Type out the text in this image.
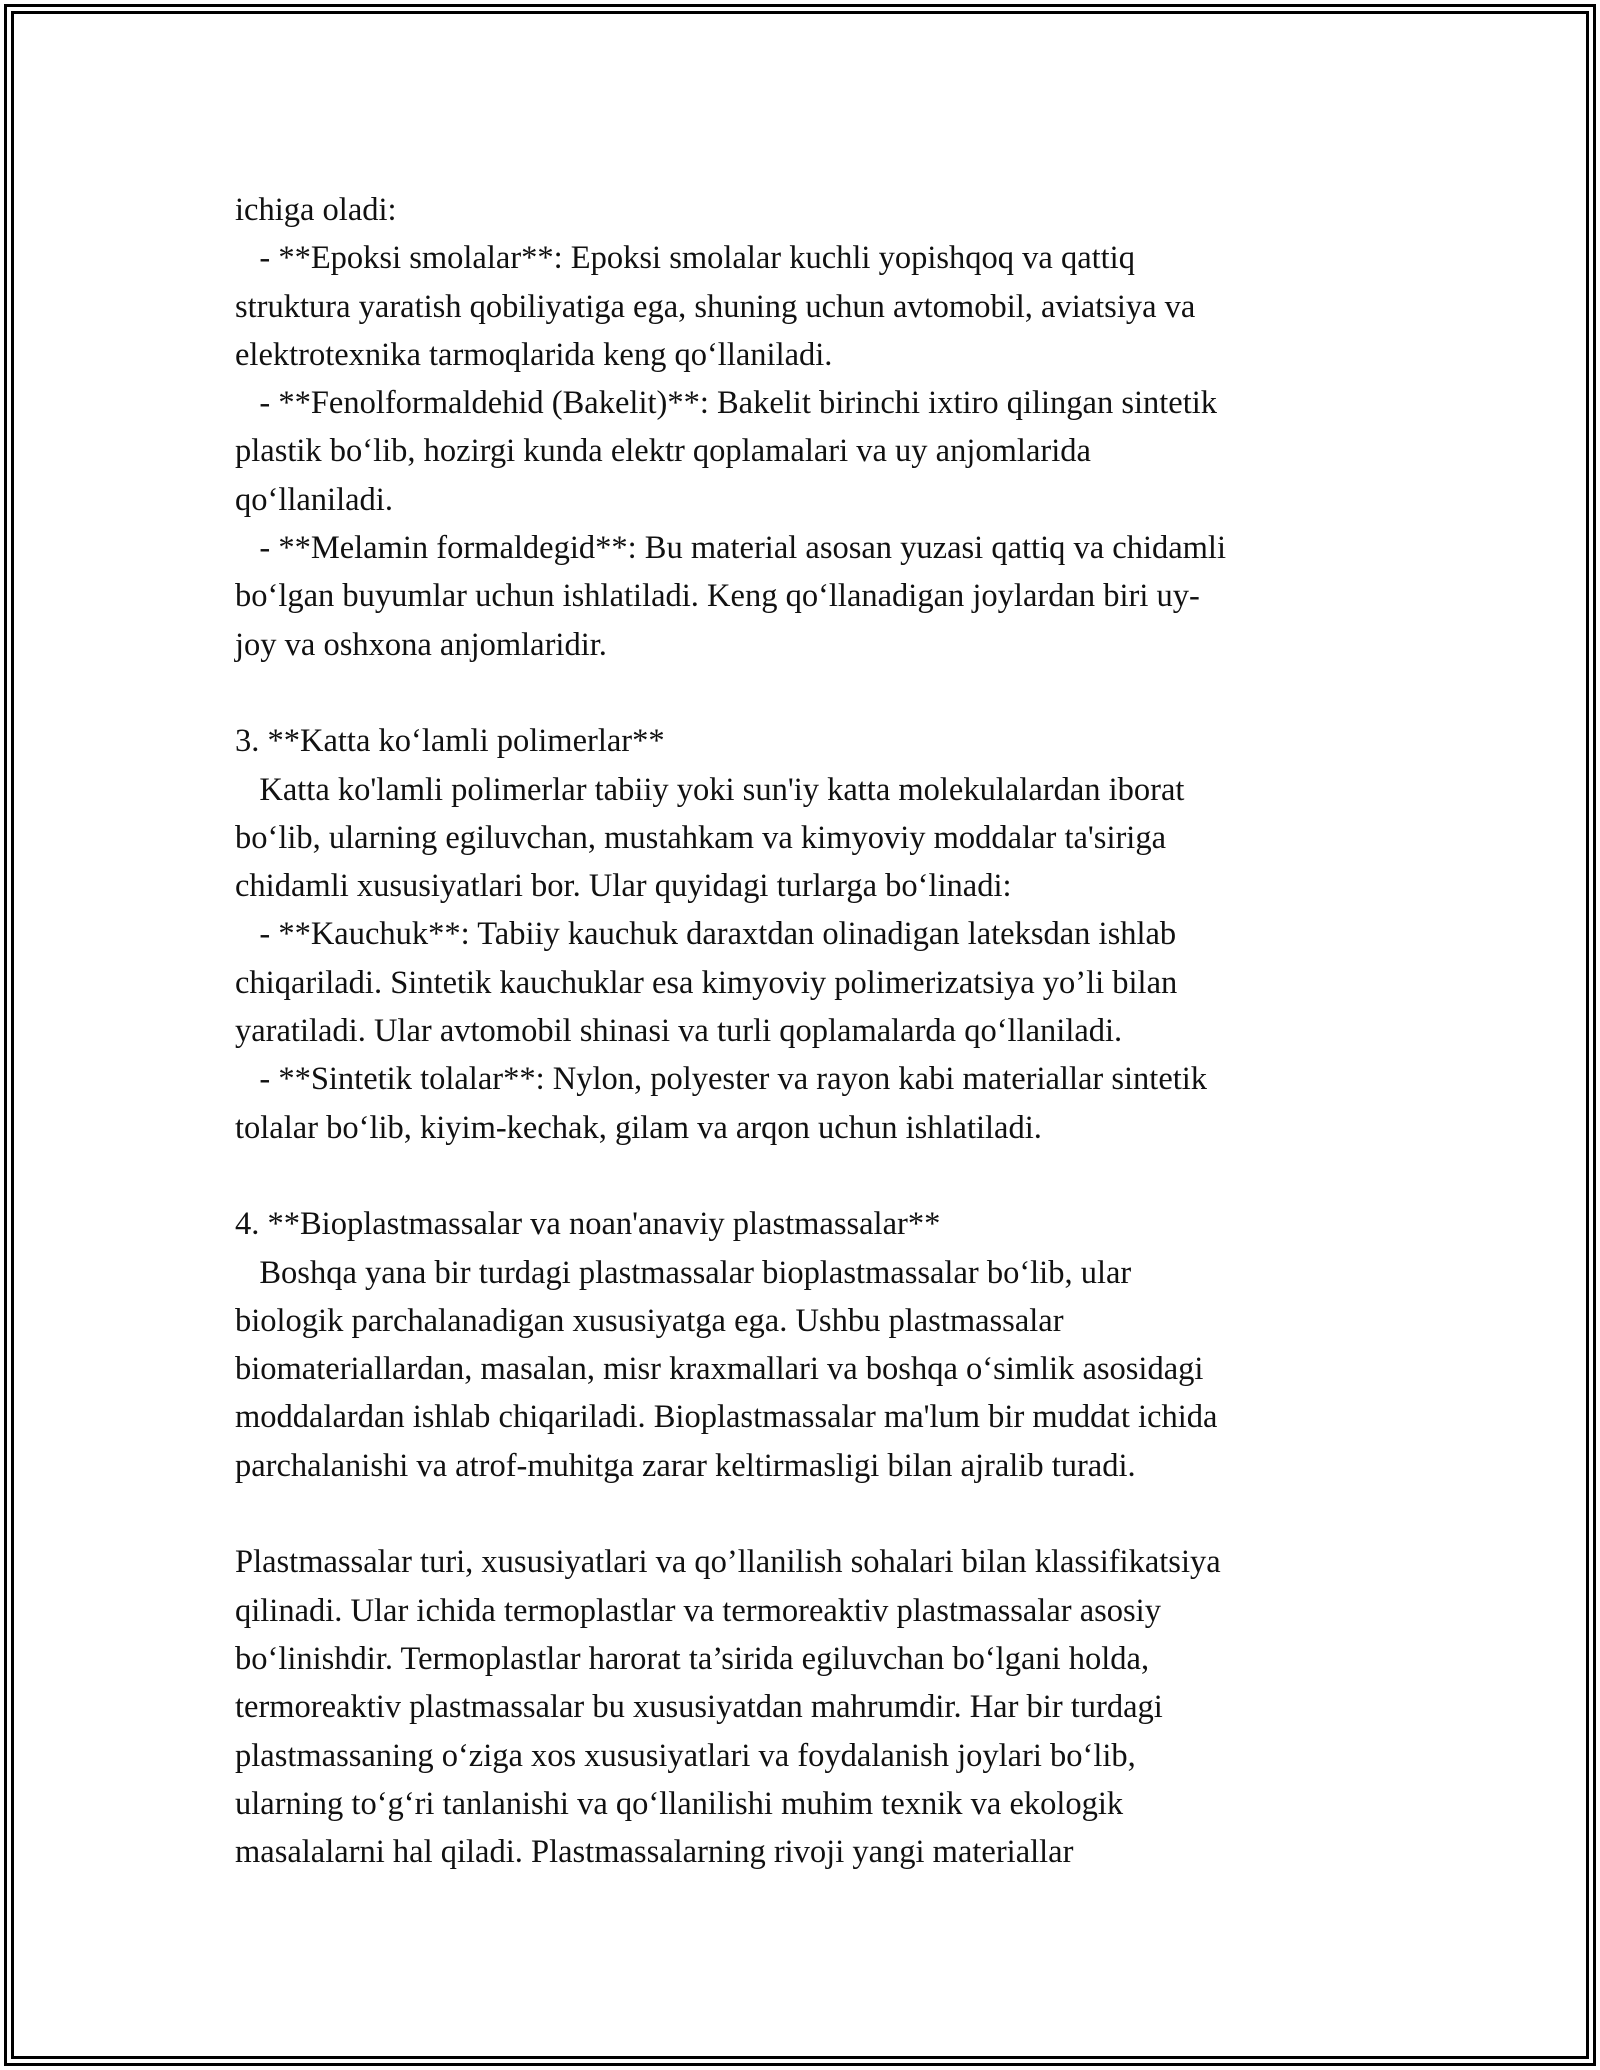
ichiga oladi:
- **Epoksi smolalar**: Epoksi smolalar kuchli yopishqoq va qattiq
struktura yaratish qobiliyatiga ega, shuning uchun avtomobil, aviatsiya va
elektrotexnika tarmoqlarida keng qo‘llaniladi.
- **Fenolformaldehid (Bakelit)**: Bakelit birinchi ixtiro qilingan sintetik
plastik bo‘lib, hozirgi kunda elektr qoplamalari va uy anjomlarida
qo‘llaniladi.
- **Melamin formaldegid**: Bu material asosan yuzasi qattiq va chidamli
bo‘lgan buyumlar uchun ishlatiladi. Keng qo‘llanadigan joylardan biri uy-
joy va oshxona anjomlaridir.
3. **Katta ko‘lamli polimerlar**
Katta ko'lamli polimerlar tabiiy yoki sun'iy katta molekulalardan iborat
bo‘lib, ularning egiluvchan, mustahkam va kimyoviy moddalar ta'siriga
chidamli xususiyatlari bor. Ular quyidagi turlarga bo‘linadi:
- **Kauchuk**: Tabiiy kauchuk daraxtdan olinadigan lateksdan ishlab
chiqariladi. Sintetik kauchuklar esa kimyoviy polimerizatsiya yo’li bilan
yaratiladi. Ular avtomobil shinasi va turli qoplamalarda qo‘llaniladi.
- **Sintetik tolalar**: Nylon, polyester va rayon kabi materiallar sintetik
tolalar bo‘lib, kiyim-kechak, gilam va arqon uchun ishlatiladi.
4. **Bioplastmassalar va noan'anaviy plastmassalar**
Boshqa yana bir turdagi plastmassalar bioplastmassalar bo‘lib, ular
biologik parchalanadigan xususiyatga ega. Ushbu plastmassalar
biomateriallardan, masalan, misr kraxmallari va boshqa o‘simlik asosidagi
moddalardan ishlab chiqariladi. Bioplastmassalar ma'lum bir muddat ichida
parchalanishi va atrof-muhitga zarar keltirmasligi bilan ajralib turadi.
Plastmassalar turi, xususiyatlari va qo’llanilish sohalari bilan klassifikatsiya
qilinadi. Ular ichida termoplastlar va termoreaktiv plastmassalar asosiy
bo‘linishdir. Termoplastlar harorat ta’sirida egiluvchan bo‘lgani holda,
termoreaktiv plastmassalar bu xususiyatdan mahrumdir. Har bir turdagi
plastmassaning o‘ziga xos xususiyatlari va foydalanish joylari bo‘lib,
ularning to‘g‘ri tanlanishi va qo‘llanilishi muhim texnik va ekologik
masalalarni hal qiladi. Plastmassalarning rivoji yangi materiallar
